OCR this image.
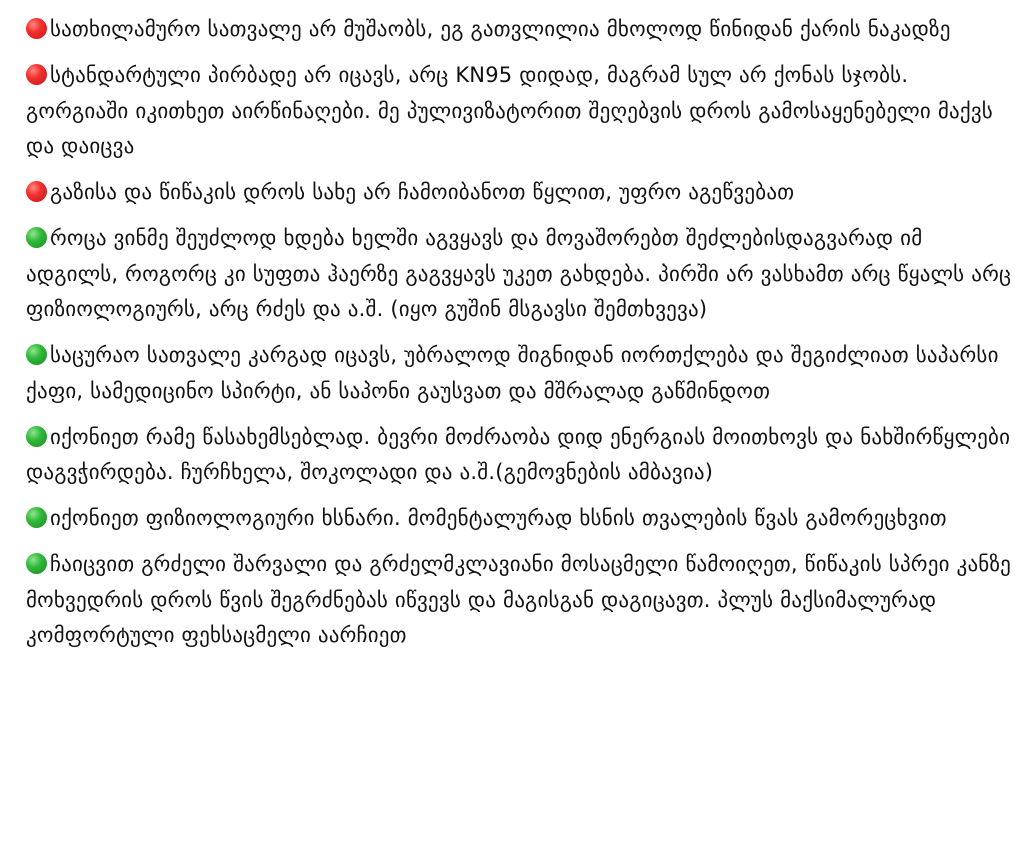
სათხილამურო სათვალე არ მუშაობს, ეგ გათვლილია მხოლოდ წინიდან ქარის ნაკადზე
სტანდარტული პირბადე არ იცავს, არც KN95 დიდად, მაგრამ სულ არ ქონას სჯობს. გორგიაში იკითხეთ აირწინაღები. მე პულივიზატორით შეღებვის დროს გამოსაყენებელი მაქვს და დაიცვა
გაზისა და წიწაკის დროს სახე არ ჩამოიბანოთ წყლით, უფრო აგეწვებათ
როცა ვინმე შეუძლოდ ხდება ხელში აგვყავს და მოვაშორებთ შეძლებისდაგვარად იმ ადგილს, როგორც კი სუფთა ჰაერზე გაგვყავს უკეთ გახდება. პირში არ ვასხამთ არც წყალს არც ფიზიოლოგიურს, არც რძეს და ა.შ. (იყო გუშინ მსგავსი შემთხვევა)
საცურაო სათვალე კარგად იცავს, უბრალოდ შიგნიდან იორთქლება და შეგიძლიათ საპარსი ქაფი, სამედიცინო სპირტი, ან საპონი გაუსვათ და მშრალად გაწმინდოთ
იქონიეთ რამე წასახემსებლად. ბევრი მოძრაობა დიდ ენერგიას მოითხოვს და ნახშირწყლები დაგვჭირდება. ჩურჩხელა, შოკოლადი და ა.შ.(გემოვნების ამბავია)
იქონიეთ ფიზიოლოგიური ხსნარი. მომენტალურად ხსნის თვალების წვას გამორეცხვით
ჩაიცვით გრძელი შარვალი და გრძელმკლავიანი მოსაცმელი წამოიღეთ, წიწაკის სპრეი კანზე მოხვედრის დროს წვის შეგრძნებას იწვევს და მაგისგან დაგიცავთ. პლუს მაქსიმალურად კომფორტული ფეხსაცმელი აარჩიეთ
